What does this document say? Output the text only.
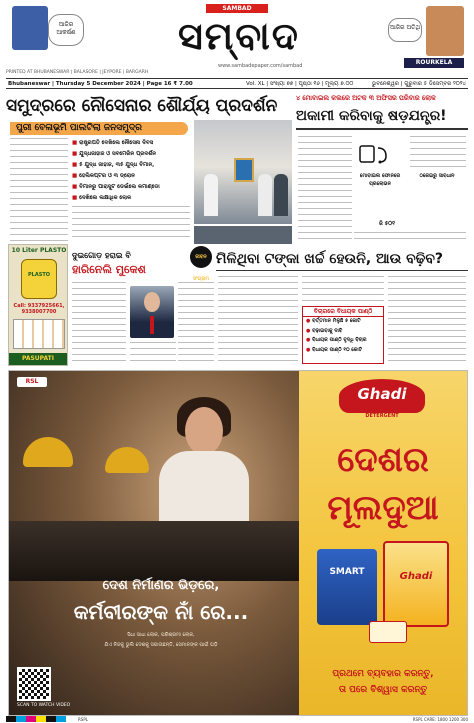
ଆଜିର ଆକର୍ଷଣ
SAMBAD
ସମ୍ବାଦ
www.sambadepaper.com/sambad
ଆଜିର ଅତିଥି
ROURKELA
Bhubaneswar | Thursday 5 December 2024 | Page 16 ₹ 7.00	Vol. XL | ସଂଖ୍ୟା ୭୭ | ପୃଷ୍ଠା ୧୬ | ମୂଲ୍ୟ ୭.୦୦	ଭୁବନେଶ୍ୱର | ଗୁରୁବାର ୫ ଡିସେମ୍ବର ୨୦୨୪
PRINTED AT BHUBANESWAR | BALASORE | JEYPORE | BARGARH
ସମୁଦ୍ରରେ ନୌସେନାର ଶୌର୍ଯ୍ୟ ପ୍ରଦର୍ଶନ
ପୁରୀ ବେଳାଭୂମି ପାଲଟିଲା ଜନସମୁଦ୍ର
■ ରାଷ୍ଟ୍ରପତି ଦେଖିଲେ ନୌସେନା ଦିବସ
■ ଯୁଦ୍ଧଜାହାଜ ଓ ସବମେରିନ ପ୍ରଦର୍ଶନ
■ ୫ ଯୁଦ୍ଧ ଜାହାଜ, ୩୫ ଯୁଦ୍ଧ ବିମାନ,
■ ହେଲିକପ୍ଟର ଓ ୩ ଡ୍ରୋନ
■ ବିମାନରୁ ପାରାସୁଟ ଡେଇଁଲେ କମାଣ୍ଡୋ
■ ଦେଖିଲେ ଲକ୍ଷାଧିକ ଲୋକ
୪ ମୋବାଇଲ କଲରେ ଅଟକ ୩ ଅଫିସର ପରିବାର ଲୋକ
ଅକାମୀ କରିବାକୁ ଷଡ଼ଯନ୍ତ୍ର!
ମୋବାଇଲ ଫୋନରେ ପ୍ରଲୋଭନ
ଠକେଇରୁ ସାବଧାନ
ଜି ୫୦୧
10 Liter PLASTO
PLASTO
Call: 9337925661, 9338007700
PASUPATI
ଦୁଇଗୋଡ଼ ହରାଇ ବି
ହାରିନେଲି ମୁକେଶ
ଜୀବନ ସଂଗ୍ରାମ
ମିଳିଥିବା ଟଙ୍କା ଖର୍ଚ୍ଚ ହେଉନି, ଆଉ ବଢ଼ିବ?
ବିଚାରରେ ବିଧାୟକ ପାଣ୍ଠି
● ବର୍ତ୍ତମାନ ମିଳୁଛି ୫ କୋଟି
● ବଢ଼ାଇବାକୁ ଦାବି
● ବିଧାୟକ ପାଣ୍ଠି ବୃଦ୍ଧି ବିଚାର
● ବିଧାୟକ ପାଣ୍ଠି ୧୦ କୋଟି
RSL
ଦେଶ ନିର୍ମାଣର ଭିଡ଼ରେ,
କର୍ମବୀରଙ୍କ ନାଁ ରେ...
ସିଧା ସାଧା ଲୋକ, ପରିଶ୍ରମୀ ଲୋକ,
ଯିଏ ନିଜକୁ ଭୁଲି ଦେଶକୁ ସଜାଉଛନ୍ତି, ସେମାନଙ୍କ ପାଇଁ ଘଡ଼ି
SCAN TO WATCH VIDEO
Ghadi
DETERGENT
ଦେଶର
ମୂଲଦୁଆ
SMART	Ghadi
ପ୍ରଥମେ ବ୍ୟବହାର କରନ୍ତୁ,
ତା ପରେ ବିଶ୍ୱାସ କରନ୍ତୁ
RSPL CARE: 1800 1200 300
RSPL
